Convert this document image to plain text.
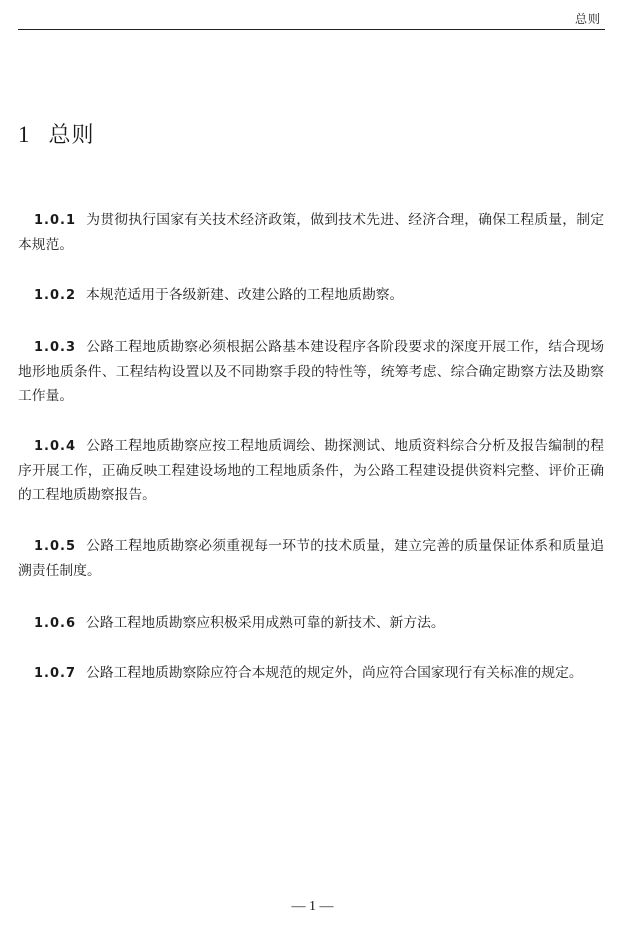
总则
1 总则

1.0.1 为贯彻执行国家有关技术经济政策，做到技术先进、经济合理，确保工程质量，制定本规范。

1.0.2 本规范适用于各级新建、改建公路的工程地质勘察。

1.0.3 公路工程地质勘察必须根据公路基本建设程序各阶段要求的深度开展工作，结合现场地形地质条件、工程结构设置以及不同勘察手段的特性等，统筹考虑、综合确定勘察方法及勘察工作量。

1.0.4 公路工程地质勘察应按工程地质调绘、勘探测试、地质资料综合分析及报告编制的程序开展工作，正确反映工程建设场地的工程地质条件，为公路工程建设提供资料完整、评价正确的工程地质勘察报告。

1.0.5 公路工程地质勘察必须重视每一环节的技术质量，建立完善的质量保证体系和质量追溯责任制度。

1.0.6 公路工程地质勘察应积极采用成熟可靠的新技术、新方法。

1.0.7 公路工程地质勘察除应符合本规范的规定外，尚应符合国家现行有关标准的规定。

— 1 —
